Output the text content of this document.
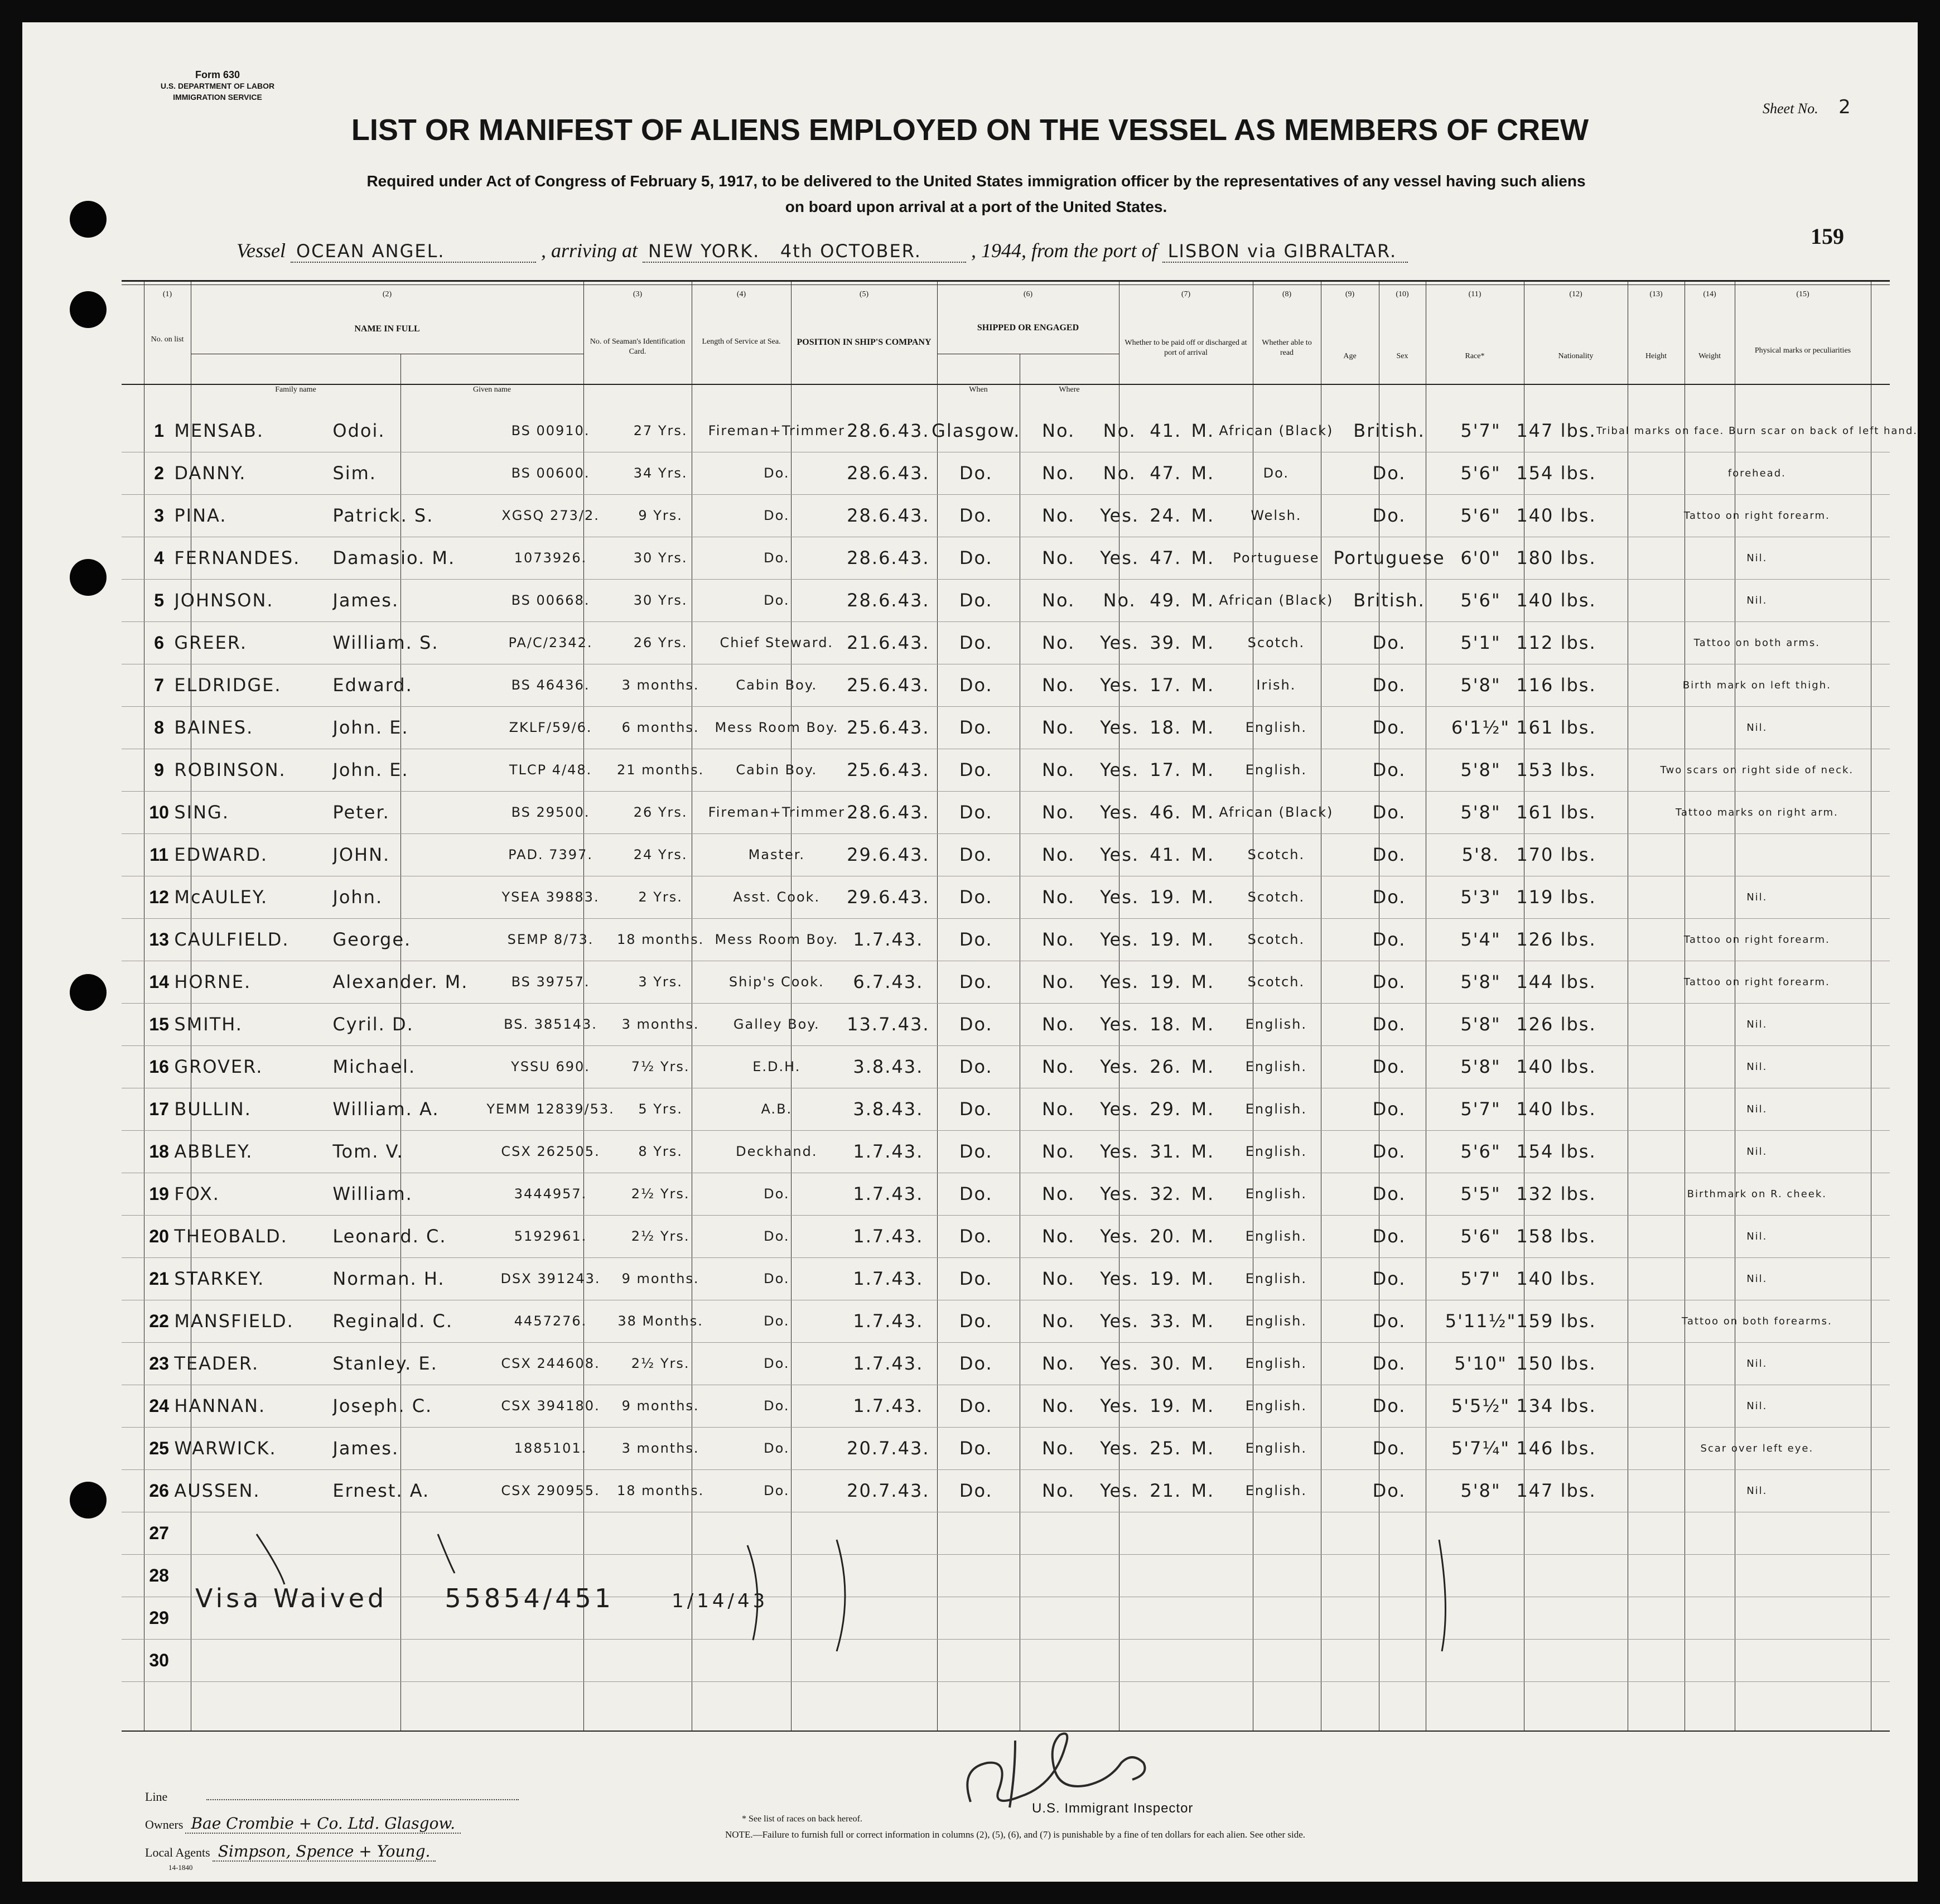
Form 630
U.S. DEPARTMENT OF LABOR
IMMIGRATION SERVICE
Sheet No. 2
LIST OR MANIFEST OF ALIENS EMPLOYED ON THE VESSEL AS MEMBERS OF CREW
Required under Act of Congress of February 5, 1917, to be delivered to the United States immigration officer by the representatives of any vessel having such aliens
on board upon arrival at a port of the United States.
Vessel OCEAN ANGEL.	, arriving at NEW YORK. 4th OCTOBER. , 1944, from the port of LISBON via GIBRALTAR.
159
(1)	(2)	(3)	(4)	(5)	(6)	(7)	(8)	(9)	(10)	(11)	(12)	(13)	(14)	(15)
No. on list
NAME IN FULL
Family name	Given name
No. of Seaman's Identification Card.
Length of Service at Sea.	POSITION IN SHIP'S COMPANY
SHIPPED OR ENGAGED
When	Where
Whether to be paid off or discharged at port of arrival
Whether able to read	Age	Sex	Race*	Nationality	Height	Weight
Physical marks or peculiarities
1	MENSAB.	Odoi.	BS 00910.	27 Yrs.	Fireman+Trimmer	28.6.43.	Glasgow.	No.	No.	41.	M.	African (Black)	British.	5'7"	147 lbs.	Tribal marks on face. Burn scar on back of left hand.
2	DANNY.	Sim.	BS 00600.	34 Yrs.	Do.	28.6.43.	Do.	No.	No.	47.	M.	Do.	Do.	5'6"	154 lbs.	forehead.
3	PINA.	Patrick. S.	XGSQ 273/2.	9 Yrs.	Do.	28.6.43.	Do.	No.	Yes.	24.	M.	Welsh.	Do.	5'6"	140 lbs.	Tattoo on right forearm.
4	FERNANDES.	Damasio. M.	1073926.	30 Yrs.	Do.	28.6.43.	Do.	No.	Yes.	47.	M.	Portuguese	Portuguese	6'0"	180 lbs.	Nil.
5	JOHNSON.	James.	BS 00668.	30 Yrs.	Do.	28.6.43.	Do.	No.	No.	49.	M.	African (Black)	British.	5'6"	140 lbs.	Nil.
6	GREER.	William. S.	PA/C/2342.	26 Yrs.	Chief Steward.	21.6.43.	Do.	No.	Yes.	39.	M.	Scotch.	Do.	5'1"	112 lbs.	Tattoo on both arms.
7	ELDRIDGE.	Edward.	BS 46436.	3 months.	Cabin Boy.	25.6.43.	Do.	No.	Yes.	17.	M.	Irish.	Do.	5'8"	116 lbs.	Birth mark on left thigh.
8	BAINES.	John. E.	ZKLF/59/6.	6 months.	Mess Room Boy.	25.6.43.	Do.	No.	Yes.	18.	M.	English.	Do.	6'1½"	161 lbs.	Nil.
9	ROBINSON.	John. E.	TLCP 4/48.	21 months.	Cabin Boy.	25.6.43.	Do.	No.	Yes.	17.	M.	English.	Do.	5'8"	153 lbs.	Two scars on right side of neck.
10	SING.	Peter.	BS 29500.	26 Yrs.	Fireman+Trimmer	28.6.43.	Do.	No.	Yes.	46.	M.	African (Black)	Do.	5'8"	161 lbs.	Tattoo marks on right arm.
11	EDWARD.	JOHN.	PAD. 7397.	24 Yrs.	Master.	29.6.43.	Do.	No.	Yes.	41.	M.	Scotch.	Do.	5'8.	170 lbs.	
12	McAULEY.	John.	YSEA 39883.	2 Yrs.	Asst. Cook.	29.6.43.	Do.	No.	Yes.	19.	M.	Scotch.	Do.	5'3"	119 lbs.	Nil.
13	CAULFIELD.	George.	SEMP 8/73.	18 months.	Mess Room Boy.	1.7.43.	Do.	No.	Yes.	19.	M.	Scotch.	Do.	5'4"	126 lbs.	Tattoo on right forearm.
14	HORNE.	Alexander. M.	BS 39757.	3 Yrs.	Ship's Cook.	6.7.43.	Do.	No.	Yes.	19.	M.	Scotch.	Do.	5'8"	144 lbs.	Tattoo on right forearm.
15	SMITH.	Cyril. D.	BS. 385143.	3 months.	Galley Boy.	13.7.43.	Do.	No.	Yes.	18.	M.	English.	Do.	5'8"	126 lbs.	Nil.
16	GROVER.	Michael.	YSSU 690.	7½ Yrs.	E.D.H.	3.8.43.	Do.	No.	Yes.	26.	M.	English.	Do.	5'8"	140 lbs.	Nil.
17	BULLIN.	William. A.	YEMM 12839/53.	5 Yrs.	A.B.	3.8.43.	Do.	No.	Yes.	29.	M.	English.	Do.	5'7"	140 lbs.	Nil.
18	ABBLEY.	Tom. V.	CSX 262505.	8 Yrs.	Deckhand.	1.7.43.	Do.	No.	Yes.	31.	M.	English.	Do.	5'6"	154 lbs.	Nil.
19	FOX.	William.	3444957.	2½ Yrs.	Do.	1.7.43.	Do.	No.	Yes.	32.	M.	English.	Do.	5'5"	132 lbs.	Birthmark on R. cheek.
20	THEOBALD.	Leonard. C.	5192961.	2½ Yrs.	Do.	1.7.43.	Do.	No.	Yes.	20.	M.	English.	Do.	5'6"	158 lbs.	Nil.
21	STARKEY.	Norman. H.	DSX 391243.	9 months.	Do.	1.7.43.	Do.	No.	Yes.	19.	M.	English.	Do.	5'7"	140 lbs.	Nil.
22	MANSFIELD.	Reginald. C.	4457276.	38 Months.	Do.	1.7.43.	Do.	No.	Yes.	33.	M.	English.	Do.	5'11½"	159 lbs.	Tattoo on both forearms.
23	TEADER.	Stanley. E.	CSX 244608.	2½ Yrs.	Do.	1.7.43.	Do.	No.	Yes.	30.	M.	English.	Do.	5'10"	150 lbs.	Nil.
24	HANNAN.	Joseph. C.	CSX 394180.	9 months.	Do.	1.7.43.	Do.	No.	Yes.	19.	M.	English.	Do.	5'5½"	134 lbs.	Nil.
25	WARWICK.	James.	1885101.	3 months.	Do.	20.7.43.	Do.	No.	Yes.	25.	M.	English.	Do.	5'7¼"	146 lbs.	Scar over left eye.
26	AUSSEN.	Ernest. A.	CSX 290955.	18 months.	Do.	20.7.43.	Do.	No.	Yes.	21.	M.	English.	Do.	5'8"	147 lbs.	Nil.
27																
28																
29																
30																
Visa Waived 55854/451	1/14/43
Line
Owners Bae Crombie + Co. Ltd. Glasgow.
Local Agents Simpson, Spence + Young.
14-1840
* See list of races on back hereof.
NOTE.—Failure to furnish full or correct information in columns (2), (5), (6), and (7) is punishable by a fine of ten dollars for each alien. See other side.
U.S. Immigrant Inspector
